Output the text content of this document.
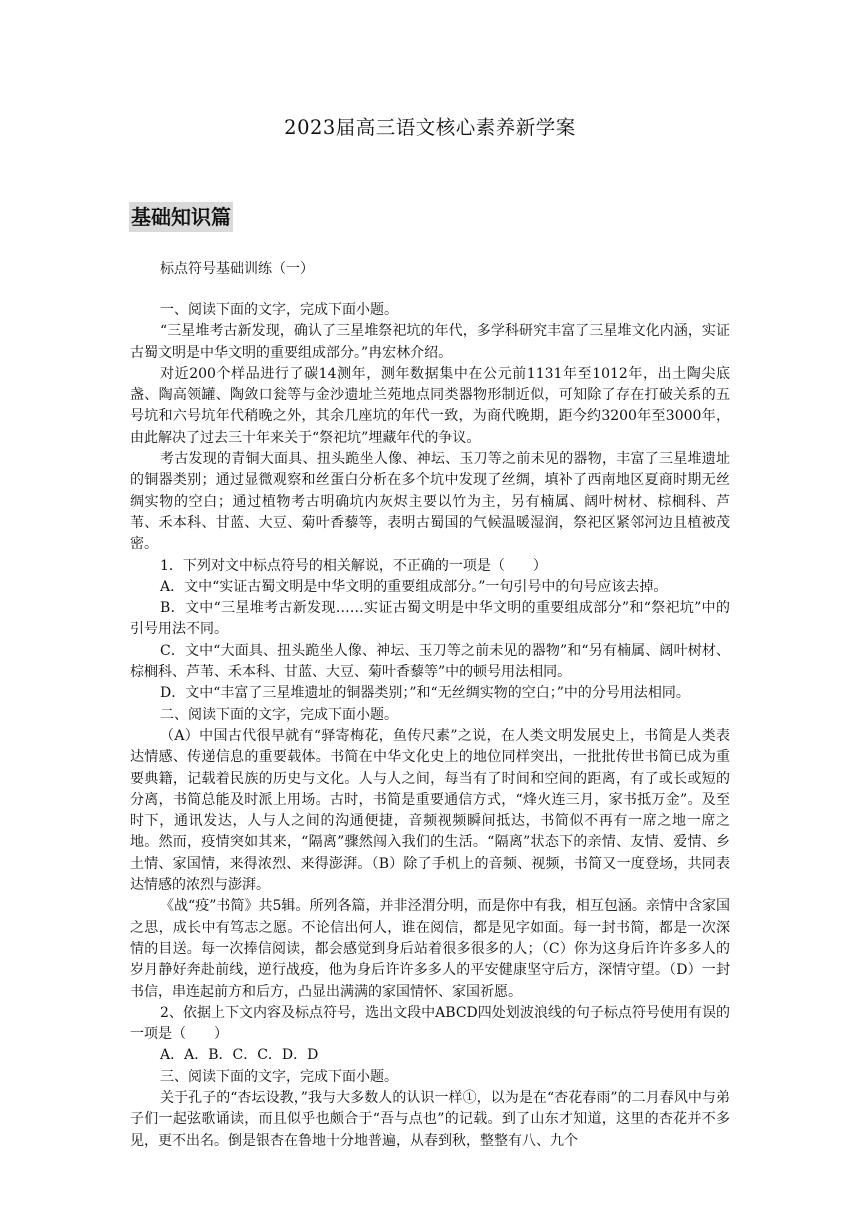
2023届高三语文核心素养新学案
基础知识篇
标点符号基础训练（一）

一、阅读下面的文字，完成下面小题。

“三星堆考古新发现，确认了三星堆祭祀坑的年代，多学科研究丰富了三星堆文化内涵，实证古蜀文明是中华文明的重要组成部分。”冉宏林介绍。

对近200个样品进行了碳14测年，测年数据集中在公元前1131年至1012年，出土陶尖底盏、陶高领罐、陶敛口瓮等与金沙遗址兰苑地点同类器物形制近似，可知除了存在打破关系的五号坑和六号坑年代稍晚之外，其余几座坑的年代一致，为商代晚期，距今约3200年至3000年，由此解决了过去三十年来关于“祭祀坑”埋藏年代的争议。

考古发现的青铜大面具、扭头跪坐人像、神坛、玉刀等之前未见的器物，丰富了三星堆遗址的铜器类别；通过显微观察和丝蛋白分析在多个坑中发现了丝绸，填补了西南地区夏商时期无丝绸实物的空白；通过植物考古明确坑内灰烬主要以竹为主，另有楠属、阔叶树材、棕榈科、芦苇、禾本科、甘蓝、大豆、菊叶香藜等，表明古蜀国的气候温暖湿润，祭祀区紧邻河边且植被茂密。

1．下列对文中标点符号的相关解说，不正确的一项是（　　）

A．文中“实证古蜀文明是中华文明的重要组成部分。”一句引号中的句号应该去掉。

B．文中“三星堆考古新发现……实证古蜀文明是中华文明的重要组成部分”和“祭祀坑”中的引号用法不同。

C．文中“大面具、扭头跪坐人像、神坛、玉刀等之前未见的器物”和“另有楠属、阔叶树材、棕榈科、芦苇、禾本科、甘蓝、大豆、菊叶香藜等”中的顿号用法相同。

D．文中“丰富了三星堆遗址的铜器类别；”和“无丝绸实物的空白；”中的分号用法相同。

二、阅读下面的文字，完成下面小题。

（A）中国古代很早就有“驿寄梅花，鱼传尺素”之说，在人类文明发展史上，书简是人类表达情感、传递信息的重要载体。书简在中华文化史上的地位同样突出，一批批传世书简已成为重要典籍，记载着民族的历史与文化。人与人之间，每当有了时间和空间的距离，有了或长或短的分离，书简总能及时派上用场。古时，书简是重要通信方式，“烽火连三月，家书抵万金”。及至时下，通讯发达，人与人之间的沟通便捷，音频视频瞬间抵达，书简似不再有一席之地一席之地。然而，疫情突如其来，“隔离”骤然闯入我们的生活。“隔离”状态下的亲情、友情、爱情、乡土情、家国情，来得浓烈、来得澎湃。（B）除了手机上的音频、视频，书简又一度登场，共同表达情感的浓烈与澎湃。

《战“疫”书简》共5辑。所列各篇，并非泾渭分明，而是你中有我，相互包涵。亲情中含家国之思，成长中有笃志之愿。不论信出何人，谁在阅信，都是见字如面。每一封书简，都是一次深情的目送。每一次捧信阅读，都会感觉到身后站着很多很多的人；（C）你为这身后许许多多人的岁月静好奔赴前线，逆行战疫，他为身后许许多多人的平安健康坚守后方，深情守望。（D）一封书信，串连起前方和后方，凸显出满满的家国情怀、家国祈愿。

2、依据上下文内容及标点符号，选出文段中ABCD四处划波浪线的句子标点符号使用有误的一项是（　　）

A．A．B．C．C．D．D

三、阅读下面的文字，完成下面小题。

关于孔子的“杏坛设教，”我与大多数人的认识一样①，以为是在“杏花春雨”的二月春风中与弟子们一起弦歌诵读，而且似乎也颇合于“吾与点也”的记载。到了山东才知道，这里的杏花并不多见，更不出名。倒是银杏在鲁地十分地普遍，从春到秋，整整有八、九个
